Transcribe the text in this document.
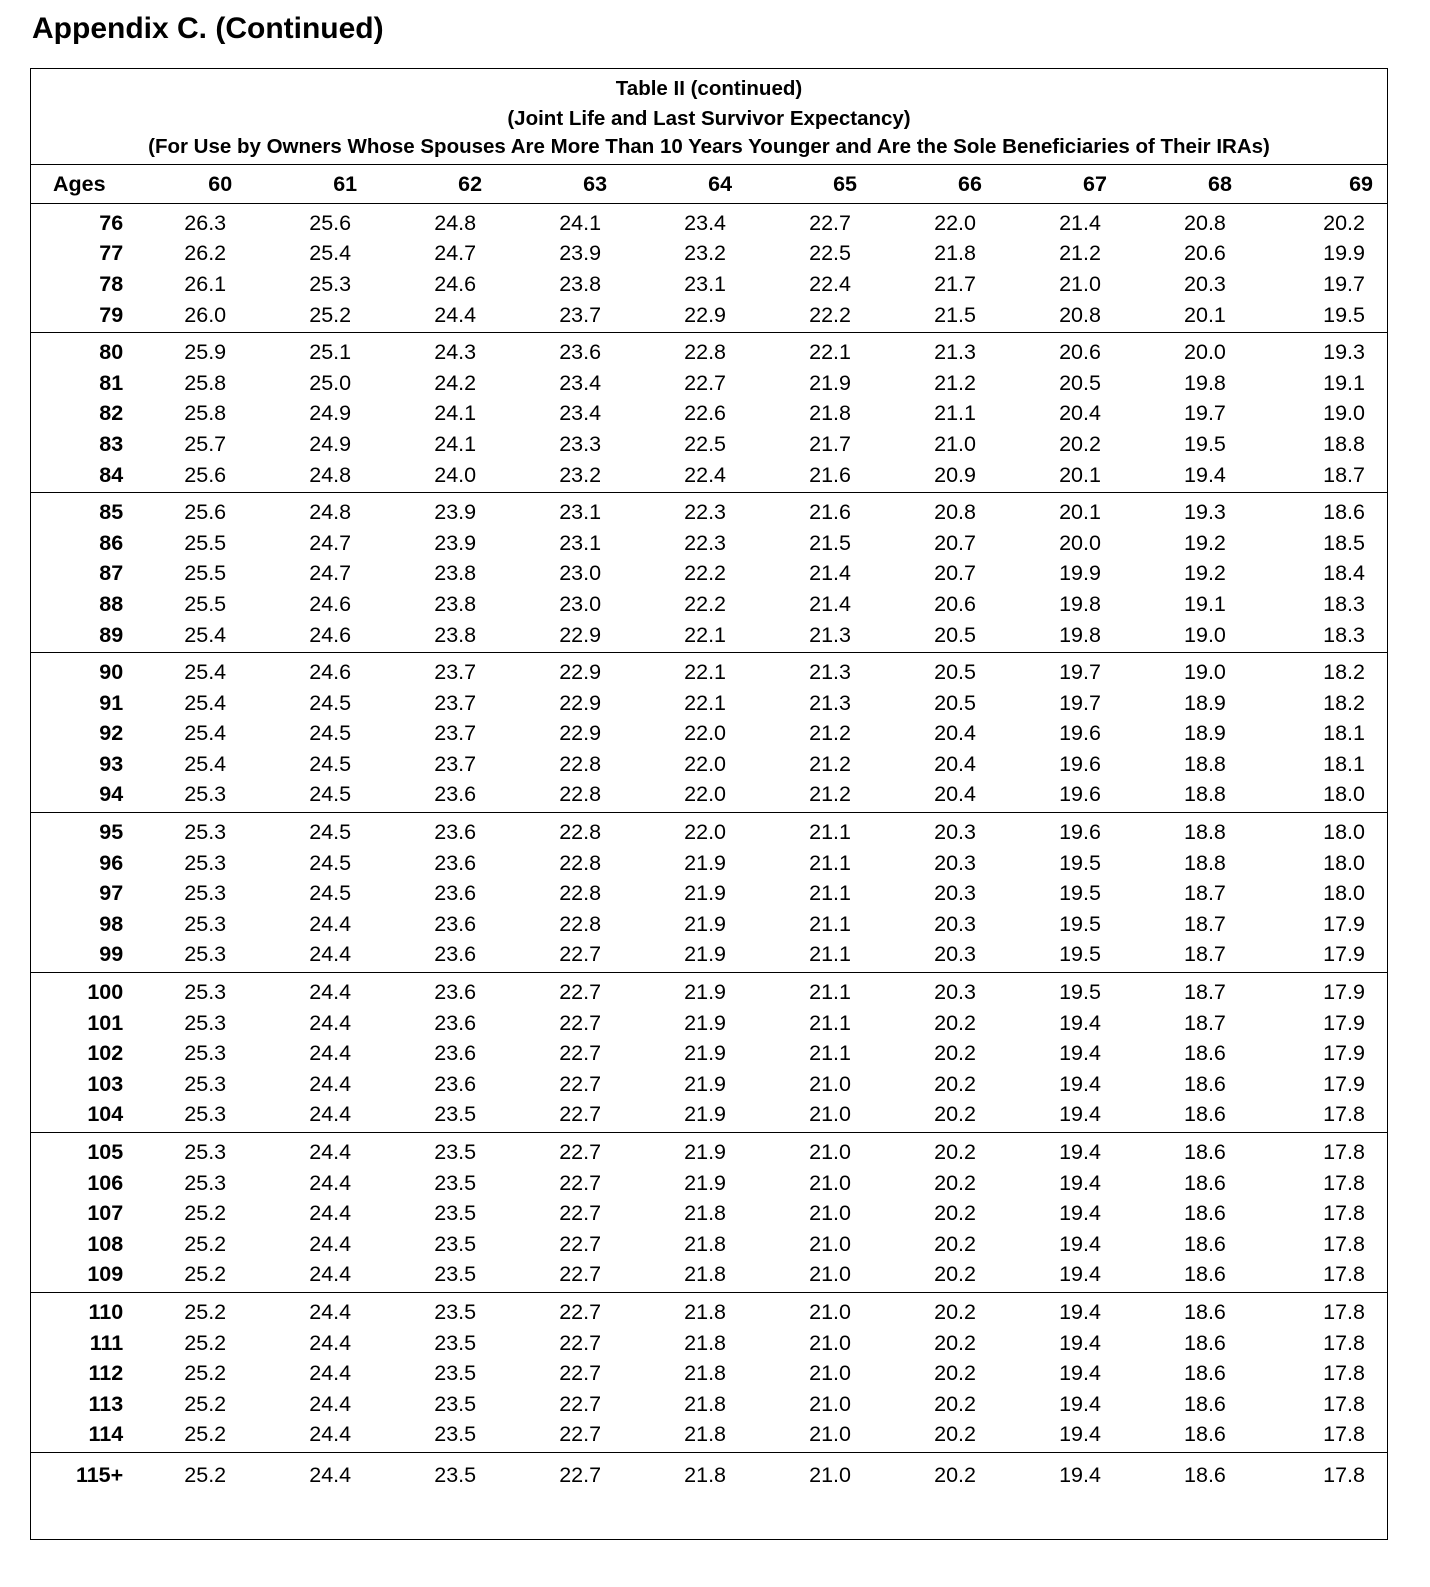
Appendix C. (Continued)
Table II (continued)
(Joint Life and Last Survivor Expectancy)
(For Use by Owners Whose Spouses Are More Than 10 Years Younger and Are the Sole Beneficiaries of Their IRAs)
Ages	60	61	62	63	64	65	66	67	68	69
76	26.3	25.6	24.8	24.1	23.4	22.7	22.0	21.4	20.8	20.2
77	26.2	25.4	24.7	23.9	23.2	22.5	21.8	21.2	20.6	19.9
78	26.1	25.3	24.6	23.8	23.1	22.4	21.7	21.0	20.3	19.7
79	26.0	25.2	24.4	23.7	22.9	22.2	21.5	20.8	20.1	19.5
80	25.9	25.1	24.3	23.6	22.8	22.1	21.3	20.6	20.0	19.3
81	25.8	25.0	24.2	23.4	22.7	21.9	21.2	20.5	19.8	19.1
82	25.8	24.9	24.1	23.4	22.6	21.8	21.1	20.4	19.7	19.0
83	25.7	24.9	24.1	23.3	22.5	21.7	21.0	20.2	19.5	18.8
84	25.6	24.8	24.0	23.2	22.4	21.6	20.9	20.1	19.4	18.7
85	25.6	24.8	23.9	23.1	22.3	21.6	20.8	20.1	19.3	18.6
86	25.5	24.7	23.9	23.1	22.3	21.5	20.7	20.0	19.2	18.5
87	25.5	24.7	23.8	23.0	22.2	21.4	20.7	19.9	19.2	18.4
88	25.5	24.6	23.8	23.0	22.2	21.4	20.6	19.8	19.1	18.3
89	25.4	24.6	23.8	22.9	22.1	21.3	20.5	19.8	19.0	18.3
90	25.4	24.6	23.7	22.9	22.1	21.3	20.5	19.7	19.0	18.2
91	25.4	24.5	23.7	22.9	22.1	21.3	20.5	19.7	18.9	18.2
92	25.4	24.5	23.7	22.9	22.0	21.2	20.4	19.6	18.9	18.1
93	25.4	24.5	23.7	22.8	22.0	21.2	20.4	19.6	18.8	18.1
94	25.3	24.5	23.6	22.8	22.0	21.2	20.4	19.6	18.8	18.0
95	25.3	24.5	23.6	22.8	22.0	21.1	20.3	19.6	18.8	18.0
96	25.3	24.5	23.6	22.8	21.9	21.1	20.3	19.5	18.8	18.0
97	25.3	24.5	23.6	22.8	21.9	21.1	20.3	19.5	18.7	18.0
98	25.3	24.4	23.6	22.8	21.9	21.1	20.3	19.5	18.7	17.9
99	25.3	24.4	23.6	22.7	21.9	21.1	20.3	19.5	18.7	17.9
100	25.3	24.4	23.6	22.7	21.9	21.1	20.3	19.5	18.7	17.9
101	25.3	24.4	23.6	22.7	21.9	21.1	20.2	19.4	18.7	17.9
102	25.3	24.4	23.6	22.7	21.9	21.1	20.2	19.4	18.6	17.9
103	25.3	24.4	23.6	22.7	21.9	21.0	20.2	19.4	18.6	17.9
104	25.3	24.4	23.5	22.7	21.9	21.0	20.2	19.4	18.6	17.8
105	25.3	24.4	23.5	22.7	21.9	21.0	20.2	19.4	18.6	17.8
106	25.3	24.4	23.5	22.7	21.9	21.0	20.2	19.4	18.6	17.8
107	25.2	24.4	23.5	22.7	21.8	21.0	20.2	19.4	18.6	17.8
108	25.2	24.4	23.5	22.7	21.8	21.0	20.2	19.4	18.6	17.8
109	25.2	24.4	23.5	22.7	21.8	21.0	20.2	19.4	18.6	17.8
110	25.2	24.4	23.5	22.7	21.8	21.0	20.2	19.4	18.6	17.8
111	25.2	24.4	23.5	22.7	21.8	21.0	20.2	19.4	18.6	17.8
112	25.2	24.4	23.5	22.7	21.8	21.0	20.2	19.4	18.6	17.8
113	25.2	24.4	23.5	22.7	21.8	21.0	20.2	19.4	18.6	17.8
114	25.2	24.4	23.5	22.7	21.8	21.0	20.2	19.4	18.6	17.8
115+	25.2	24.4	23.5	22.7	21.8	21.0	20.2	19.4	18.6	17.8
